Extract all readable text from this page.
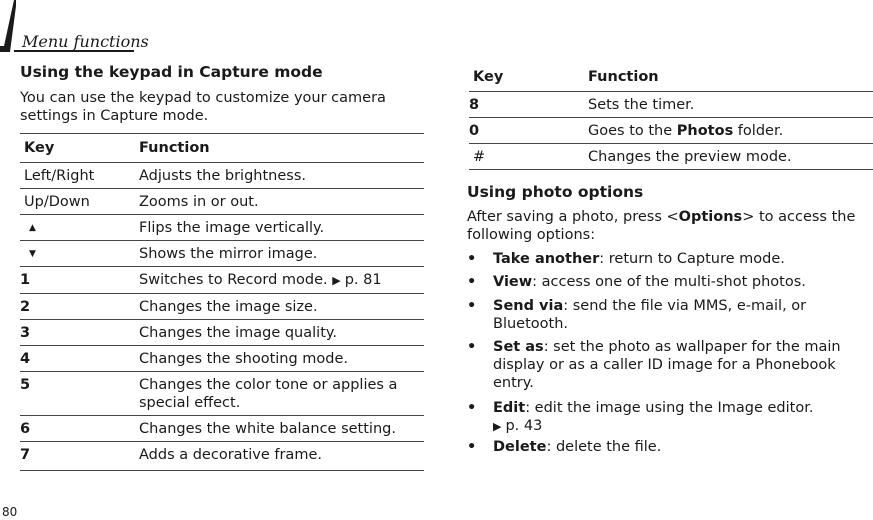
Menu functions
Using the keypad in Capture mode
You can use the keypad to customize your camera settings in Capture mode.
Key	Function
Left/Right	Adjusts the brightness.
Up/Down	Zooms in or out.
▲	Flips the image vertically.
▼	Shows the mirror image.
1	Switches to Record mode. ▶ p. 81
2	Changes the image size.
3	Changes the image quality.
4	Changes the shooting mode.
5	Changes the color tone or applies a special effect.
6	Changes the white balance setting.
7	Adds a decorative frame.
Key	Function
8	Sets the timer.
0	Goes to the Photos folder.
#	Changes the preview mode.
Using photo options
After saving a photo, press <Options> to access the following options:
• Take another: return to Capture mode.
• View: access one of the multi-shot photos.
• Send via: send the file via MMS, e-mail, or Bluetooth.
• Set as: set the photo as wallpaper for the main display or as a caller ID image for a Phonebook entry.
• Edit: edit the image using the Image editor.
▶ p. 43
• Delete: delete the file.
80
